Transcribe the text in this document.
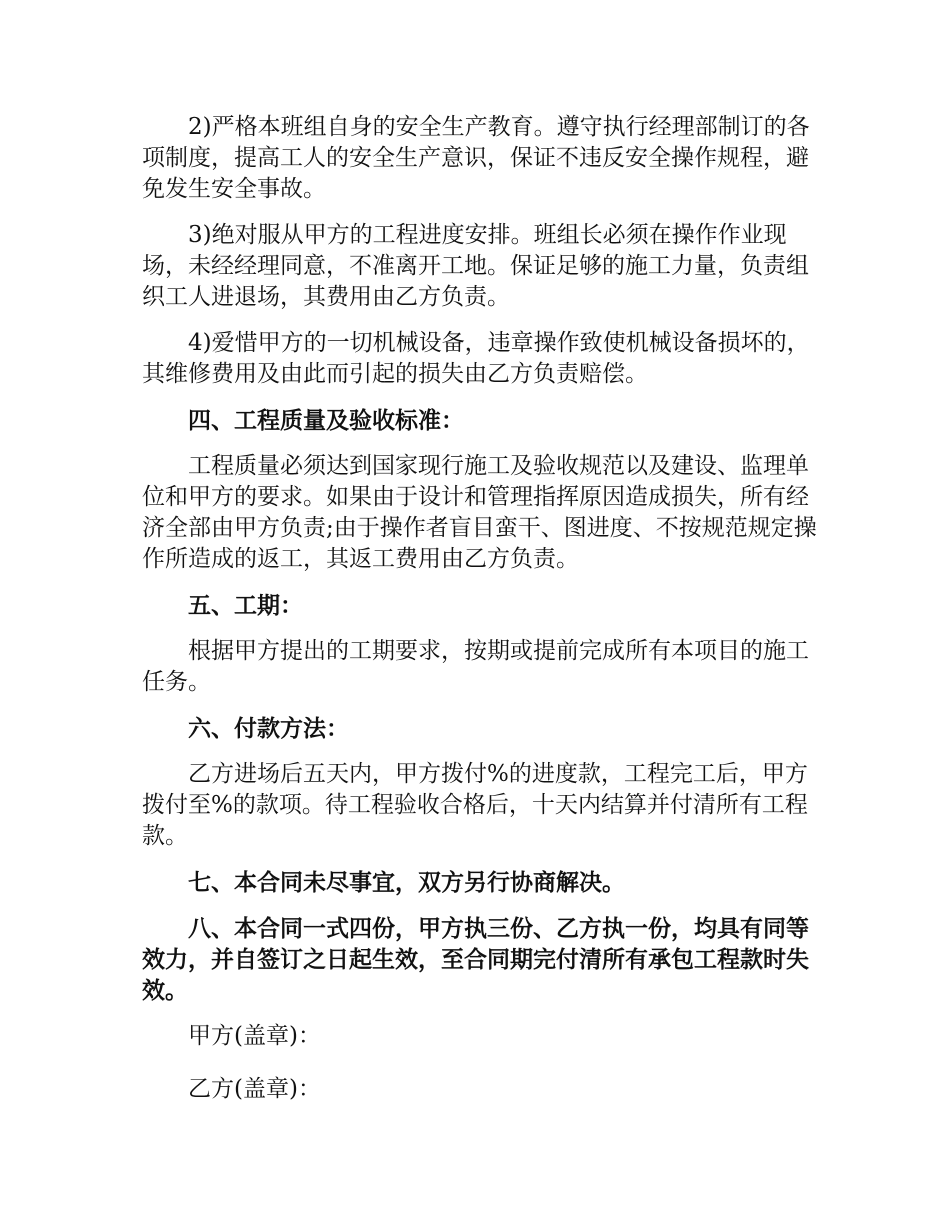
2)严格本班组自身的安全生产教育。遵守执行经理部制订的各项制度，提高工人的安全生产意识，保证不违反安全操作规程，避免发生安全事故。

3)绝对服从甲方的工程进度安排。班组长必须在操作作业现场，未经经理同意，不准离开工地。保证足够的施工力量，负责组织工人进退场，其费用由乙方负责。

4)爱惜甲方的一切机械设备，违章操作致使机械设备损坏的，其维修费用及由此而引起的损失由乙方负责赔偿。

四、工程质量及验收标准：

工程质量必须达到国家现行施工及验收规范以及建设、监理单位和甲方的要求。如果由于设计和管理指挥原因造成损失，所有经济全部由甲方负责;由于操作者盲目蛮干、图进度、不按规范规定操作所造成的返工，其返工费用由乙方负责。

五、工期：

根据甲方提出的工期要求，按期或提前完成所有本项目的施工任务。

六、付款方法：

乙方进场后五天内，甲方拨付%的进度款，工程完工后，甲方拨付至%的款项。待工程验收合格后，十天内结算并付清所有工程款。

七、本合同未尽事宜，双方另行协商解决。

八、本合同一式四份，甲方执三份、乙方执一份，均具有同等效力，并自签订之日起生效，至合同期完付清所有承包工程款时失效。

甲方(盖章)：

乙方(盖章)：
